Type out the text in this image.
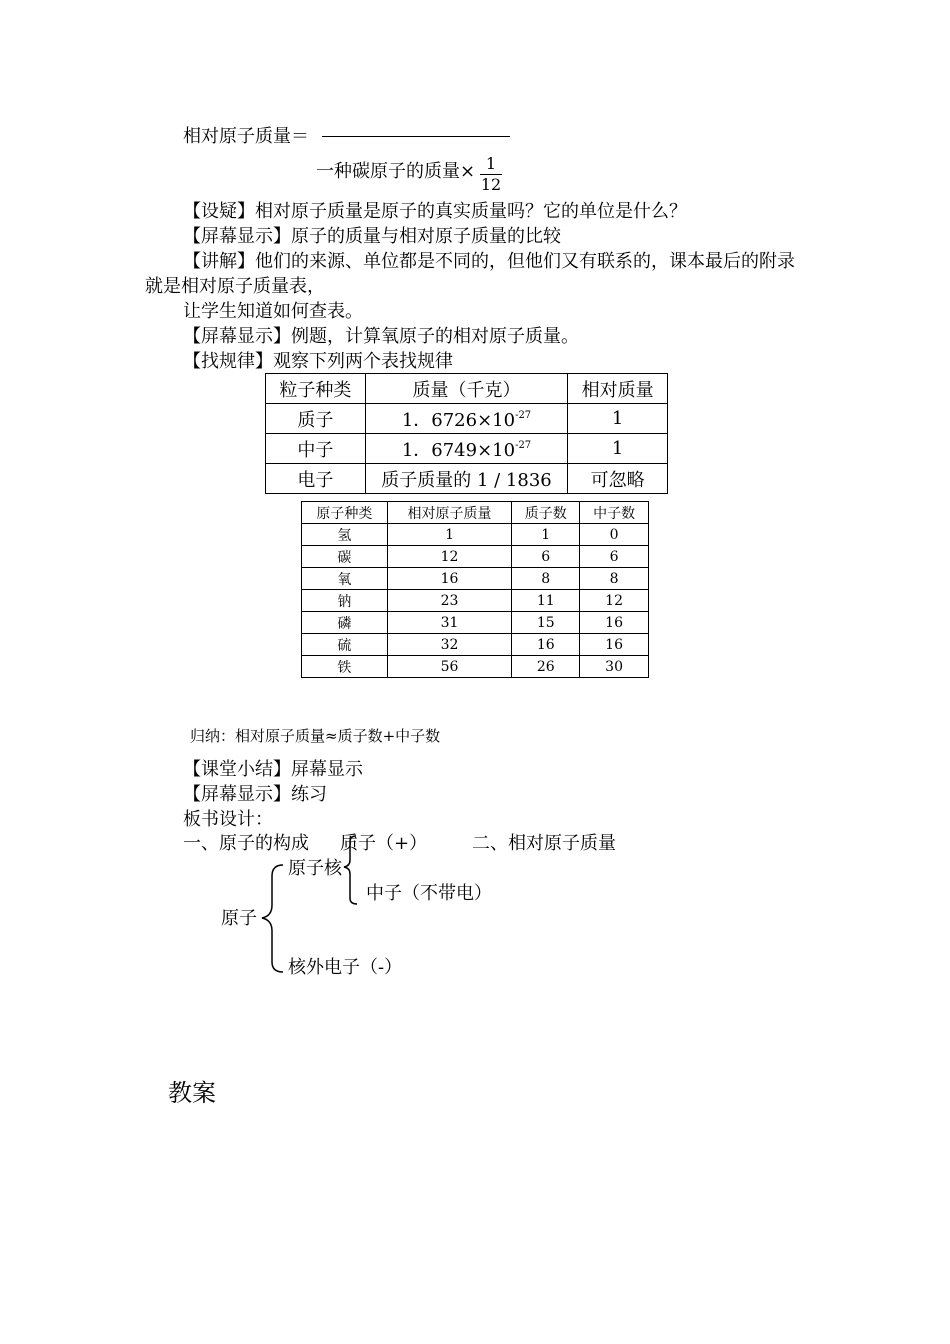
相对原子质量＝
一种碳原子的质量× 1
12
【设疑】相对原子质量是原子的真实质量吗？它的单位是什么？
【屏幕显示】原子的质量与相对原子质量的比较
【讲解】他们的来源、单位都是不同的，但他们又有联系的，课本最后的附录
就是相对原子质量表，
让学生知道如何查表。
【屏幕显示】例题，计算氧原子的相对原子质量。
【找规律】观察下列两个表找规律
粒子种类	质量（千克）	相对质量
质子	1．$6726\times 10^{-27}$	1
中子	1．$6749\times 10^{-27}$	1
电子	质子质量的 1 / 1836	可忽略
原子种类	相对原子质量	质子数	中子数
氢	1	1	0
碳	12	6	6
氧	16	8	8
钠	23	11	12
磷	31	15	16
硫	32	16	16
铁	56	26	30
归纳：相对原子质量≈质子数+中子数
【课堂小结】屏幕显示
【屏幕显示】练习
板书设计：
一、原子的构成 质子（+） 二、相对原子质量
原子核
中子（不带电）
原子
核外电子（-）
教案
